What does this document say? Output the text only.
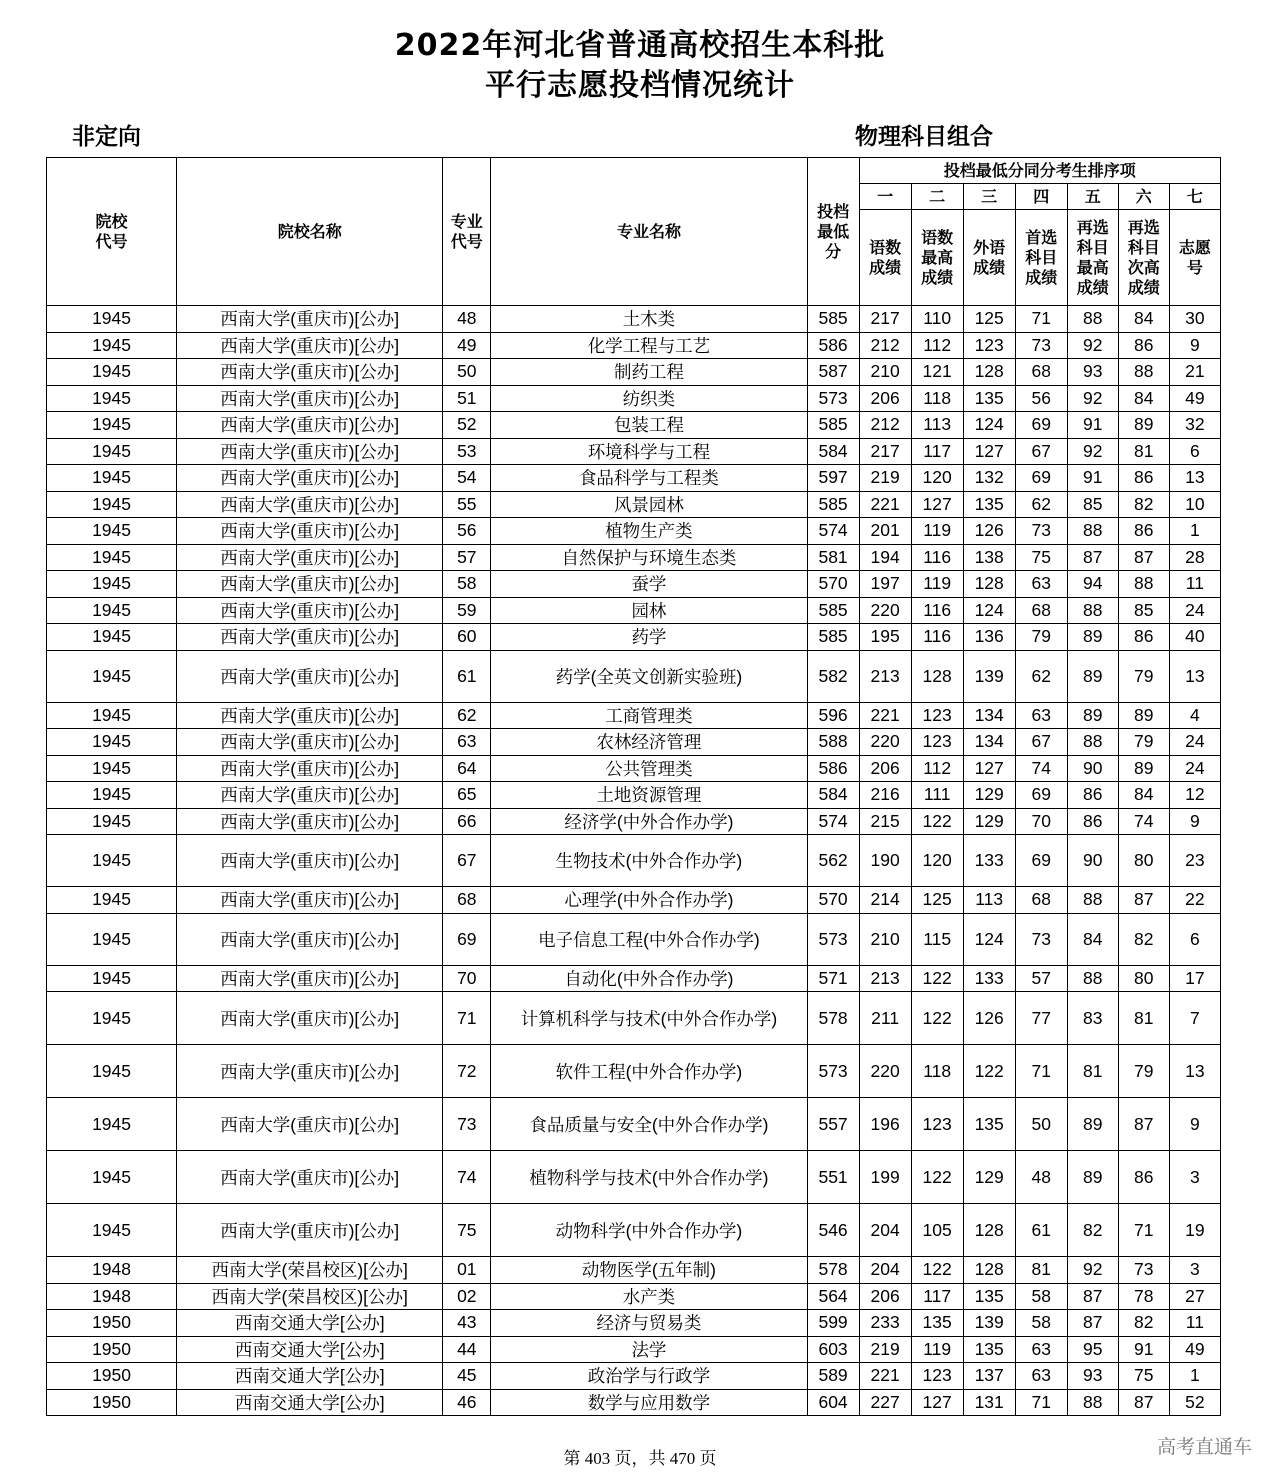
2022年河北省普通高校招生本科批
平行志愿投档情况统计
非定向	物理科目组合
院校代号	院校名称	专业代号	专业名称	投档最低分	投档最低分同分考生排序项						
					一	二	三	四	五	六	七
					语数成绩	语数最高成绩	外语成绩	首选科目成绩	再选科目最高成绩	再选科目次高成绩	志愿号
1945	西南大学(重庆市)[公办]	48	土木类	585	217	110	125	71	88	84	30
1945	西南大学(重庆市)[公办]	49	化学工程与工艺	586	212	112	123	73	92	86	9
1945	西南大学(重庆市)[公办]	50	制药工程	587	210	121	128	68	93	88	21
1945	西南大学(重庆市)[公办]	51	纺织类	573	206	118	135	56	92	84	49
1945	西南大学(重庆市)[公办]	52	包装工程	585	212	113	124	69	91	89	32
1945	西南大学(重庆市)[公办]	53	环境科学与工程	584	217	117	127	67	92	81	6
1945	西南大学(重庆市)[公办]	54	食品科学与工程类	597	219	120	132	69	91	86	13
1945	西南大学(重庆市)[公办]	55	风景园林	585	221	127	135	62	85	82	10
1945	西南大学(重庆市)[公办]	56	植物生产类	574	201	119	126	73	88	86	1
1945	西南大学(重庆市)[公办]	57	自然保护与环境生态类	581	194	116	138	75	87	87	28
1945	西南大学(重庆市)[公办]	58	蚕学	570	197	119	128	63	94	88	11
1945	西南大学(重庆市)[公办]	59	园林	585	220	116	124	68	88	85	24
1945	西南大学(重庆市)[公办]	60	药学	585	195	116	136	79	89	86	40
1945	西南大学(重庆市)[公办]	61	药学(全英文创新实验班)	582	213	128	139	62	89	79	13
1945	西南大学(重庆市)[公办]	62	工商管理类	596	221	123	134	63	89	89	4
1945	西南大学(重庆市)[公办]	63	农林经济管理	588	220	123	134	67	88	79	24
1945	西南大学(重庆市)[公办]	64	公共管理类	586	206	112	127	74	90	89	24
1945	西南大学(重庆市)[公办]	65	土地资源管理	584	216	111	129	69	86	84	12
1945	西南大学(重庆市)[公办]	66	经济学(中外合作办学)	574	215	122	129	70	86	74	9
1945	西南大学(重庆市)[公办]	67	生物技术(中外合作办学)	562	190	120	133	69	90	80	23
1945	西南大学(重庆市)[公办]	68	心理学(中外合作办学)	570	214	125	113	68	88	87	22
1945	西南大学(重庆市)[公办]	69	电子信息工程(中外合作办学)	573	210	115	124	73	84	82	6
1945	西南大学(重庆市)[公办]	70	自动化(中外合作办学)	571	213	122	133	57	88	80	17
1945	西南大学(重庆市)[公办]	71	计算机科学与技术(中外合作办学)	578	211	122	126	77	83	81	7
1945	西南大学(重庆市)[公办]	72	软件工程(中外合作办学)	573	220	118	122	71	81	79	13
1945	西南大学(重庆市)[公办]	73	食品质量与安全(中外合作办学)	557	196	123	135	50	89	87	9
1945	西南大学(重庆市)[公办]	74	植物科学与技术(中外合作办学)	551	199	122	129	48	89	86	3
1945	西南大学(重庆市)[公办]	75	动物科学(中外合作办学)	546	204	105	128	61	82	71	19
1948	西南大学(荣昌校区)[公办]	01	动物医学(五年制)	578	204	122	128	81	92	73	3
1948	西南大学(荣昌校区)[公办]	02	水产类	564	206	117	135	58	87	78	27
1950	西南交通大学[公办]	43	经济与贸易类	599	233	135	139	58	87	82	11
1950	西南交通大学[公办]	44	法学	603	219	119	135	63	95	91	49
1950	西南交通大学[公办]	45	政治学与行政学	589	221	123	137	63	93	75	1
1950	西南交通大学[公办]	46	数学与应用数学	604	227	127	131	71	88	87	52
第 403 页，共 470 页
高考直通车
